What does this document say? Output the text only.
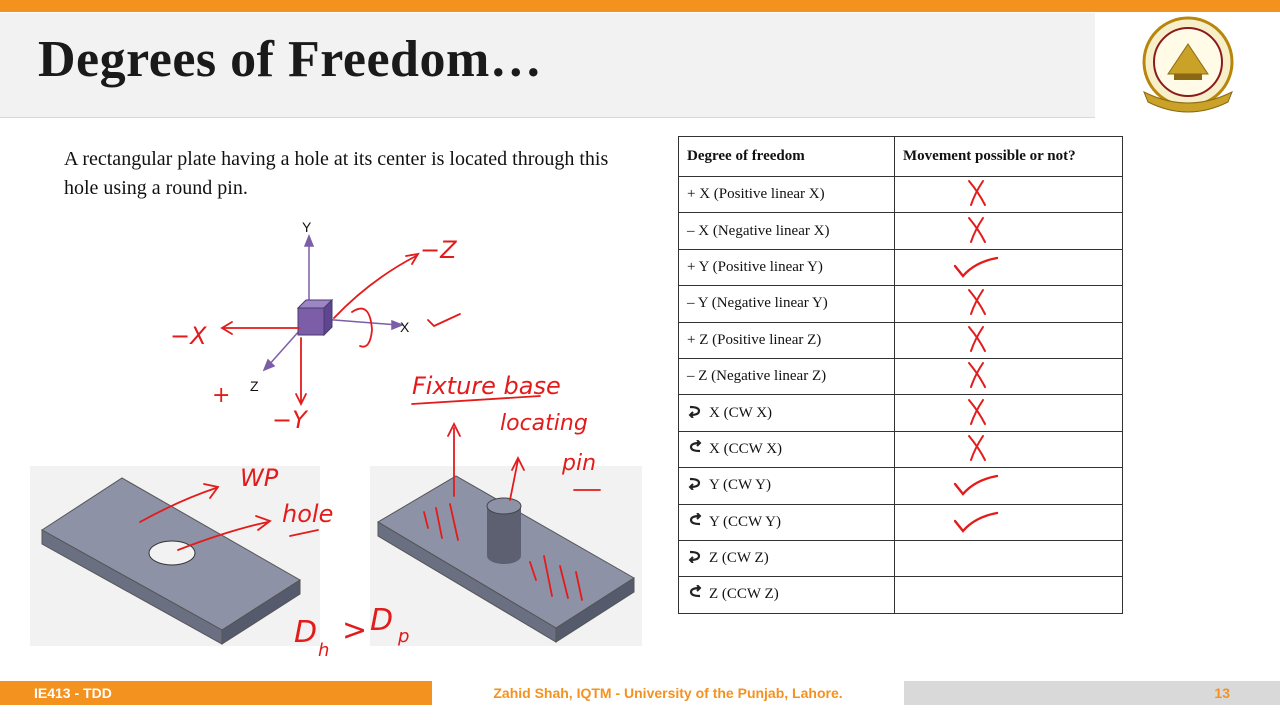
Degrees of Freedom…
A rectangular plate having a hole at its center is located through this hole using a round pin.
Y
X
Z
−Z
−X
+
−Y
Fixture base
locating
pin
WP
hole
D
h
> D p
Degree of freedom	Movement possible or not?
+ X (Positive linear X)	
– X (Negative linear X)	
+ Y (Positive linear Y)	
– Y (Negative linear Y)	
+ Z (Positive linear Z)	
– Z (Negative linear Z)	
X (CW X)	
X (CCW X)	
Y (CW Y)	
Y (CCW Y)	
Z (CW Z)	
Z (CCW Z)	
IE413 - TDD	Zahid Shah, IQTM - University of the Punjab, Lahore.	13
